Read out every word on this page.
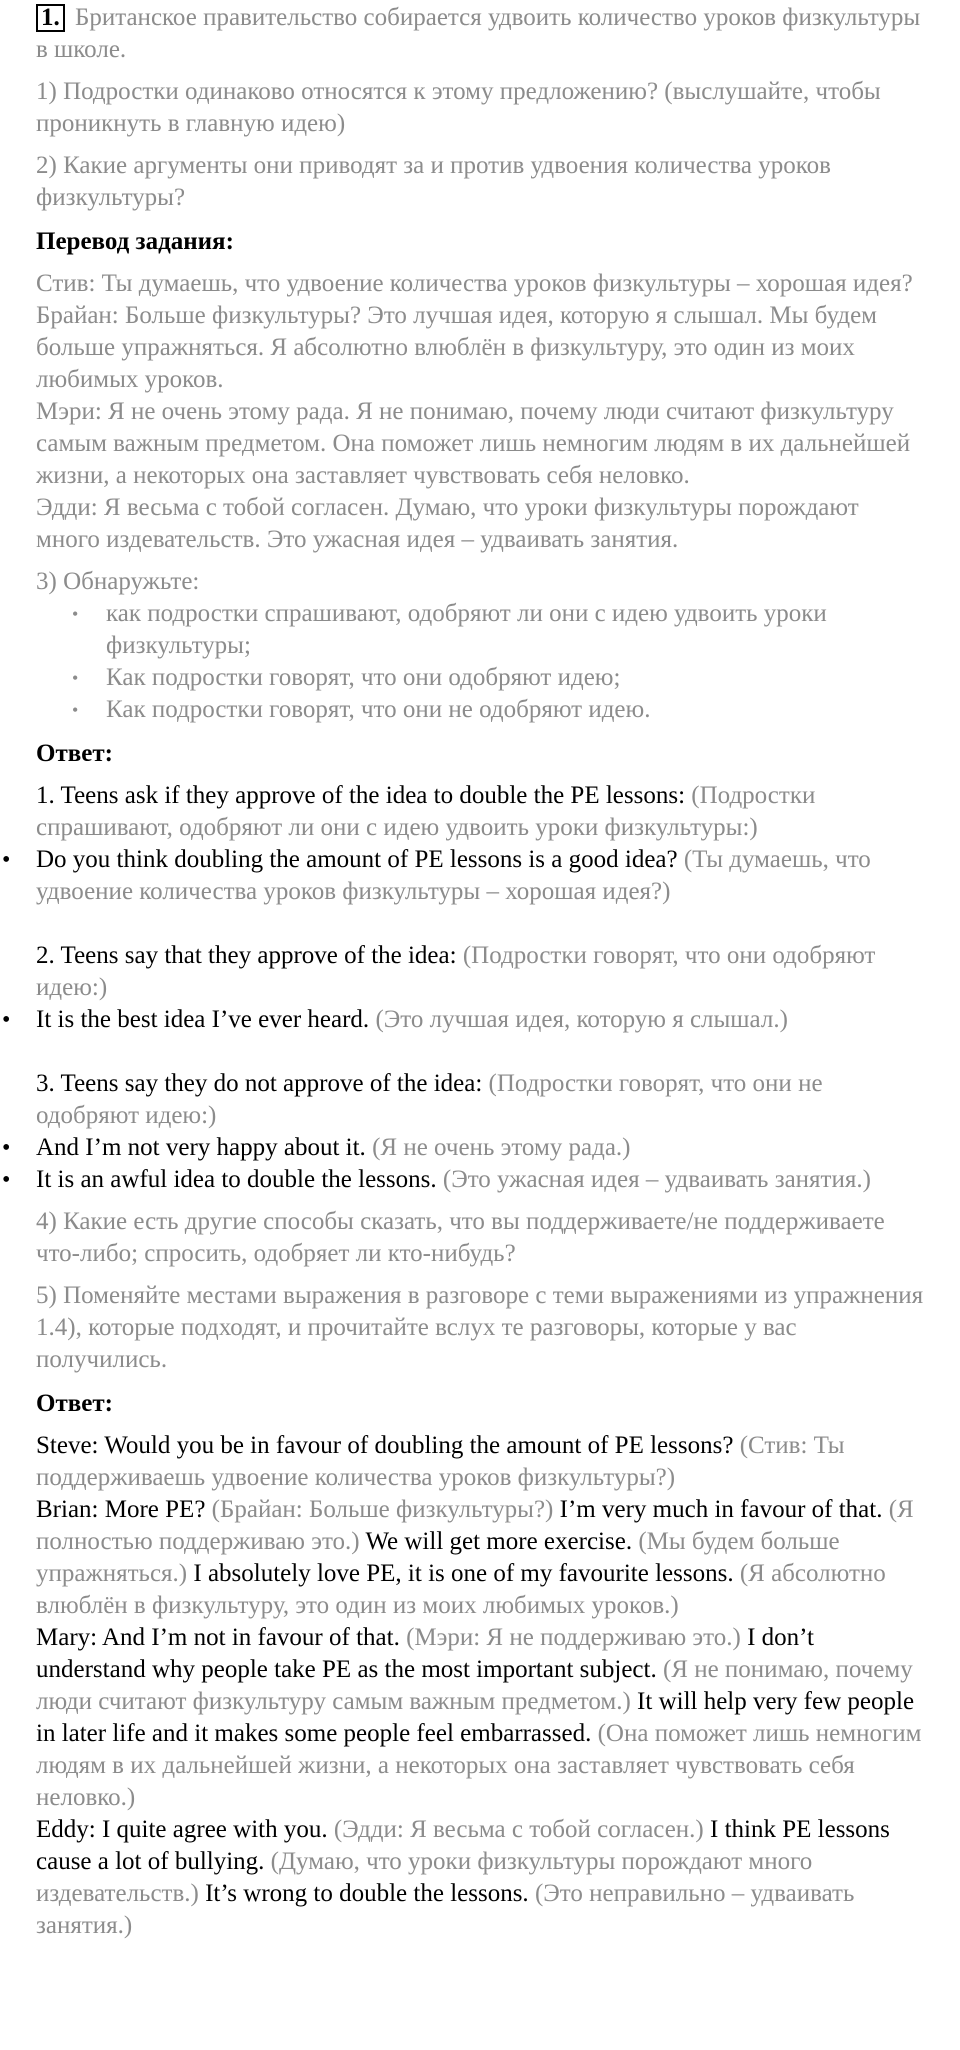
1. Британское правительство собирается удвоить количество уроков физкультуры в школе.

1) Подростки одинаково относятся к этому предложению? (выслушайте, чтобы проникнуть в главную идею)

2) Какие аргументы они приводят за и против удвоения количества уроков физкультуры?

Перевод задания:

Стив: Ты думаешь, что удвоение количества уроков физкультуры – хорошая идея?

Брайан: Больше физкультуры? Это лучшая идея, которую я слышал. Мы будем больше упражняться. Я абсолютно влюблён в физкультуру, это один из моих любимых уроков.

Мэри: Я не очень этому рада. Я не понимаю, почему люди считают физкультуру самым важным предметом. Она поможет лишь немногим людям в их дальнейшей жизни, а некоторых она заставляет чувствовать себя неловко.

Эдди: Я весьма с тобой согласен. Думаю, что уроки физкультуры порождают много издевательств. Это ужасная идея – удваивать занятия.

3) Обнаружьте:

• как подростки спрашивают, одобряют ли они с идею удвоить уроки физкультуры;
• Как подростки говорят, что они одобряют идею;
• Как подростки говорят, что они не одобряют идею.

Ответ:

1. Teens ask if they approve of the idea to double the PE lessons: (Подростки спрашивают, одобряют ли они с идею удвоить уроки физкультуры:)

• Do you think doubling the amount of PE lessons is a good idea? (Ты думаешь, что удвоение количества уроков физкультуры – хорошая идея?)

2. Teens say that they approve of the idea: (Подростки говорят, что они одобряют идею:)

• It is the best idea I’ve ever heard. (Это лучшая идея, которую я слышал.)

3. Teens say they do not approve of the idea: (Подростки говорят, что они не одобряют идею:)

• And I’m not very happy about it. (Я не очень этому рада.)

• It is an awful idea to double the lessons. (Это ужасная идея – удваивать занятия.)

4) Какие есть другие способы сказать, что вы поддерживаете/не поддерживаете что-либо; спросить, одобряет ли кто-нибудь?

5) Поменяйте местами выражения в разговоре с теми выражениями из упражнения 1.4), которые подходят, и прочитайте вслух те разговоры, которые у вас получились.

Ответ:

Steve: Would you be in favour of doubling the amount of PE lessons? (Стив: Ты поддерживаешь удвоение количества уроков физкультуры?)

Brian: More PE? (Брайан: Больше физкультуры?) I’m very much in favour of that. (Я полностью поддерживаю это.) We will get more exercise. (Мы будем больше упражняться.) I absolutely love PE, it is one of my favourite lessons. (Я абсолютно влюблён в физкультуру, это один из моих любимых уроков.)

Mary: And I’m not in favour of that. (Мэри: Я не поддерживаю это.) I don’t understand why people take PE as the most important subject. (Я не понимаю, почему люди считают физкультуру самым важным предметом.) It will help very few people in later life and it makes some people feel embarrassed. (Она поможет лишь немногим людям в их дальнейшей жизни, а некоторых она заставляет чувствовать себя неловко.)

Eddy: I quite agree with you. (Эдди: Я весьма с тобой согласен.) I think PE lessons cause a lot of bullying. (Думаю, что уроки физкультуры порождают много издевательств.) It’s wrong to double the lessons. (Это неправильно – удваивать занятия.)
